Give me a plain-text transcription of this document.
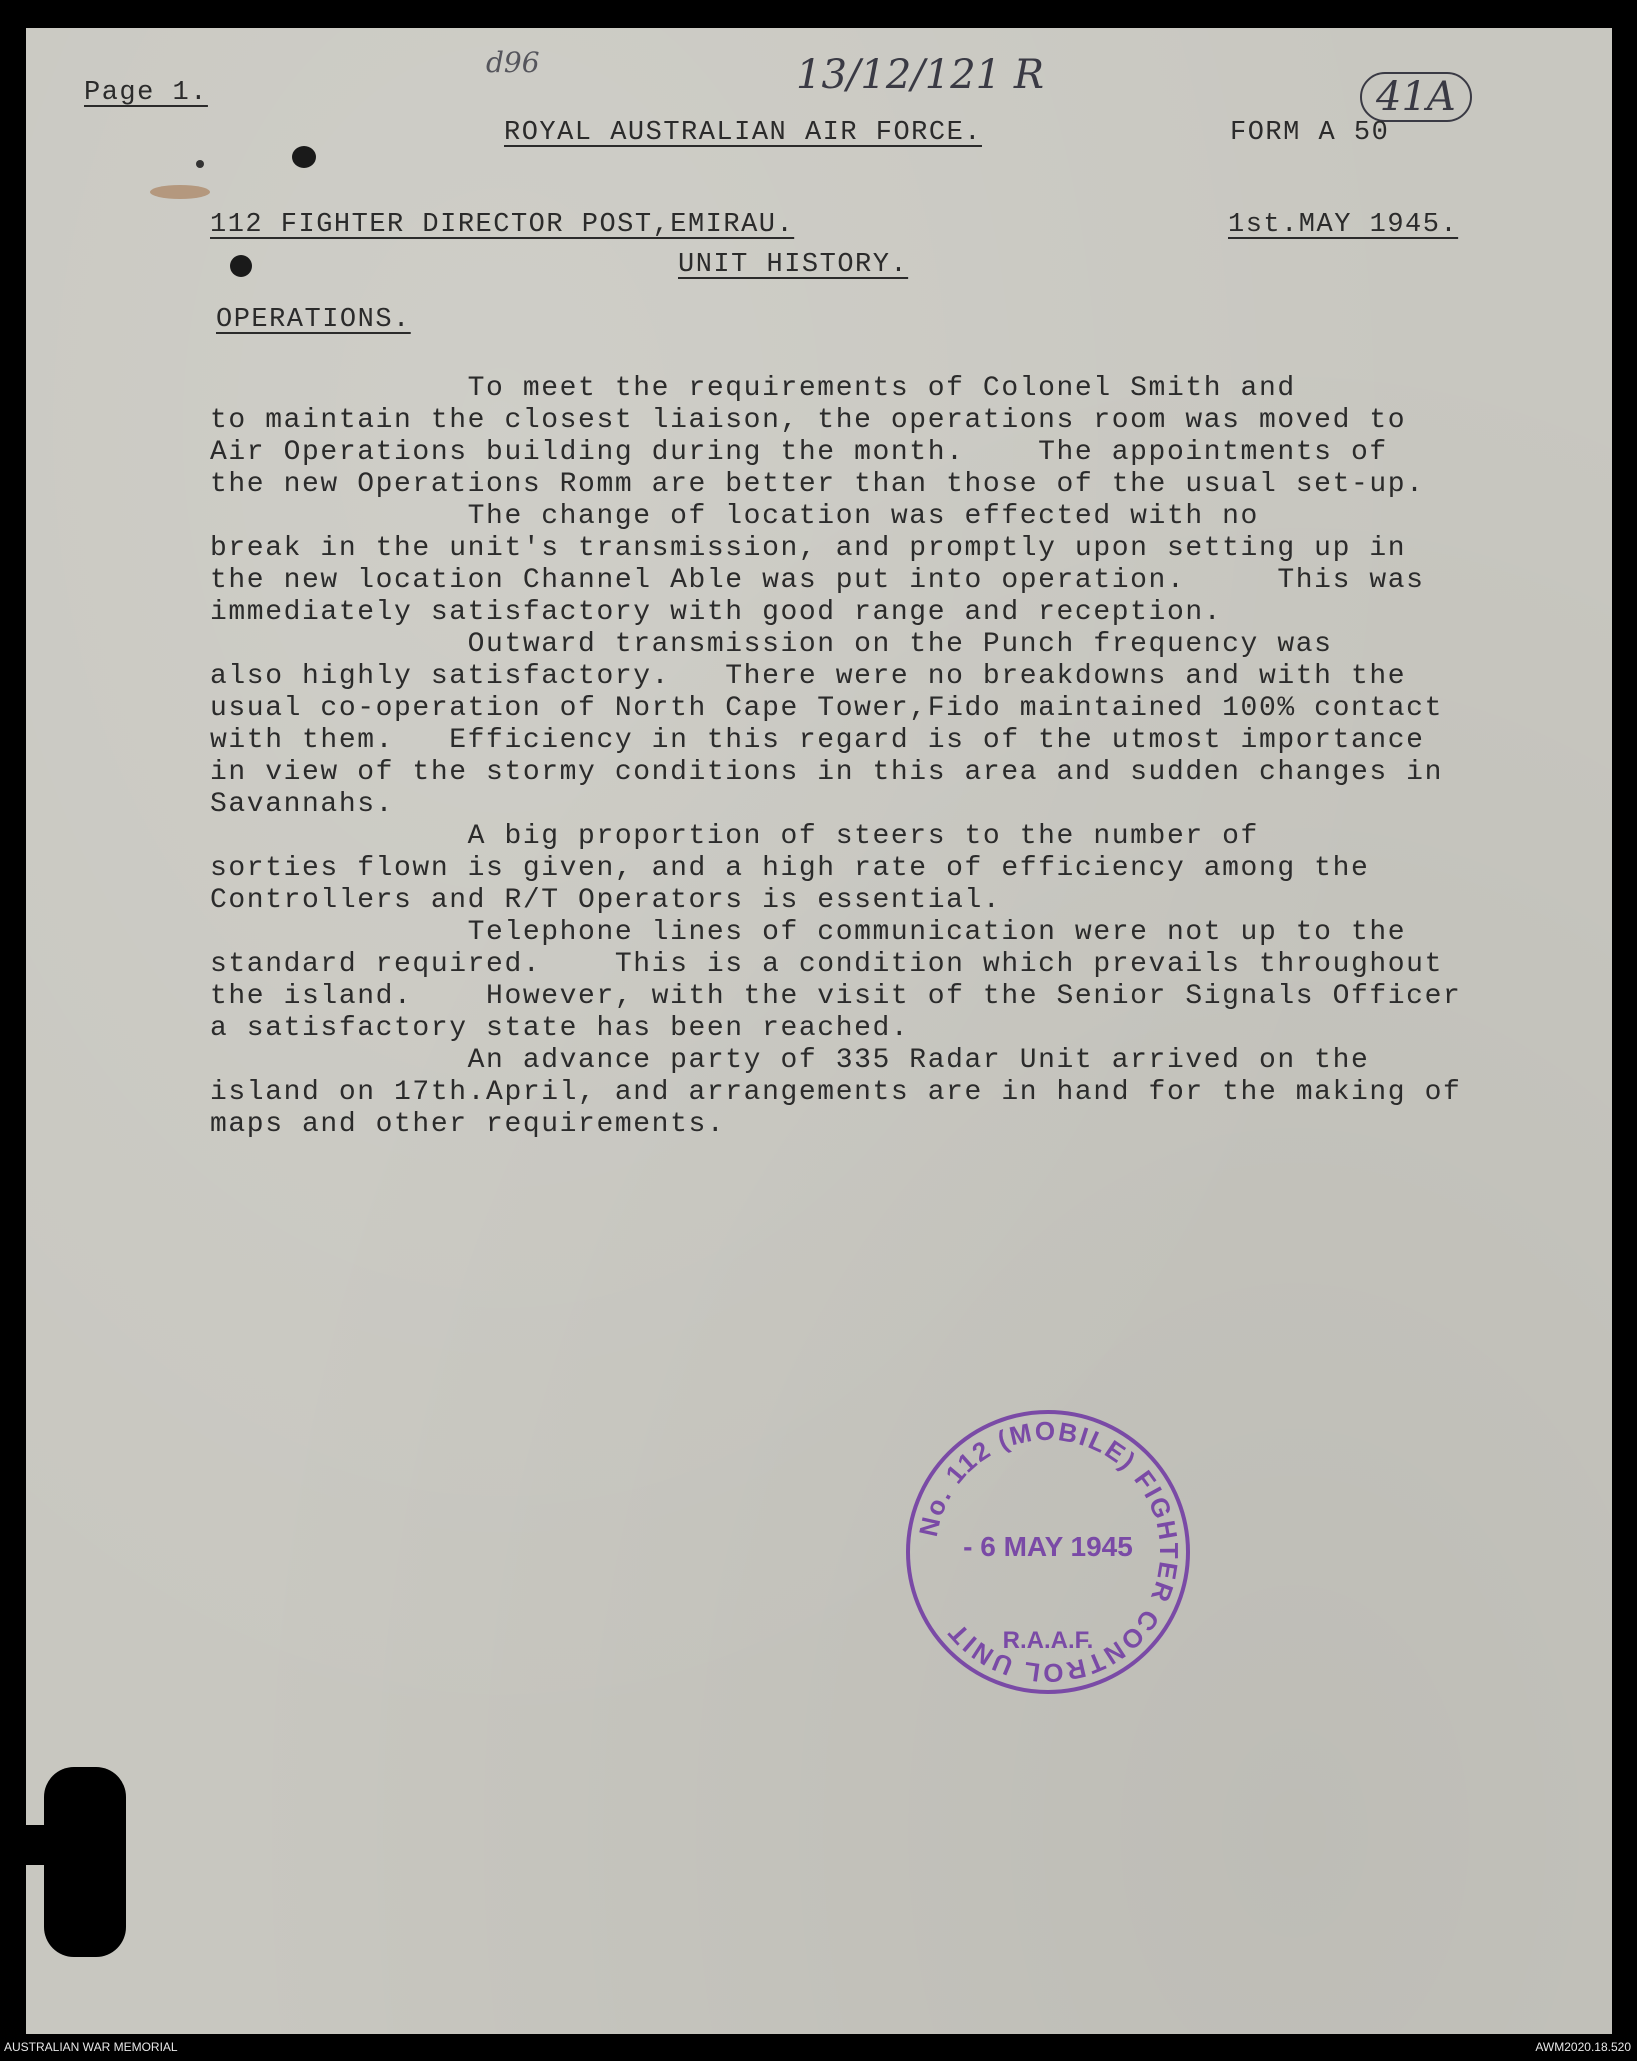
d96	13/12/121 R	41A
Page 1.
ROYAL AUSTRALIAN AIR FORCE.	FORM A 50
112 FIGHTER DIRECTOR POST,EMIRAU.	1st.MAY 1945.
UNIT HISTORY.
OPERATIONS.
To meet the requirements of Colonel Smith and
to maintain the closest liaison, the operations room was moved to
Air Operations building during the month.    The appointments of
the new Operations Romm are better than those of the usual set-up.
The change of location was effected with no
break in the unit's transmission, and promptly upon setting up in
the new location Channel Able was put into operation.     This was
immediately satisfactory with good range and reception.
Outward transmission on the Punch frequency was
also highly satisfactory.   There were no breakdowns and with the
usual co-operation of North Cape Tower,Fido maintained 100% contact
with them.   Efficiency in this regard is of the utmost importance
in view of the stormy conditions in this area and sudden changes in
Savannahs.
A big proportion of steers to the number of
sorties flown is given, and a high rate of efficiency among the
Controllers and R/T Operators is essential.
Telephone lines of communication were not up to the
standard required.    This is a condition which prevails throughout
the island.    However, with the visit of the Senior Signals Officer
a satisfactory state has been reached.
An advance party of 335 Radar Unit arrived on the
island on 17th.April, and arrangements are in hand for the making of
maps and other requirements.
No. 112 (MOBILE) FIGHTER CONTROL UNIT
- 6 MAY 1945
R.A.A.F.
AUSTRALIAN WAR MEMORIAL	AWM2020.18.520
